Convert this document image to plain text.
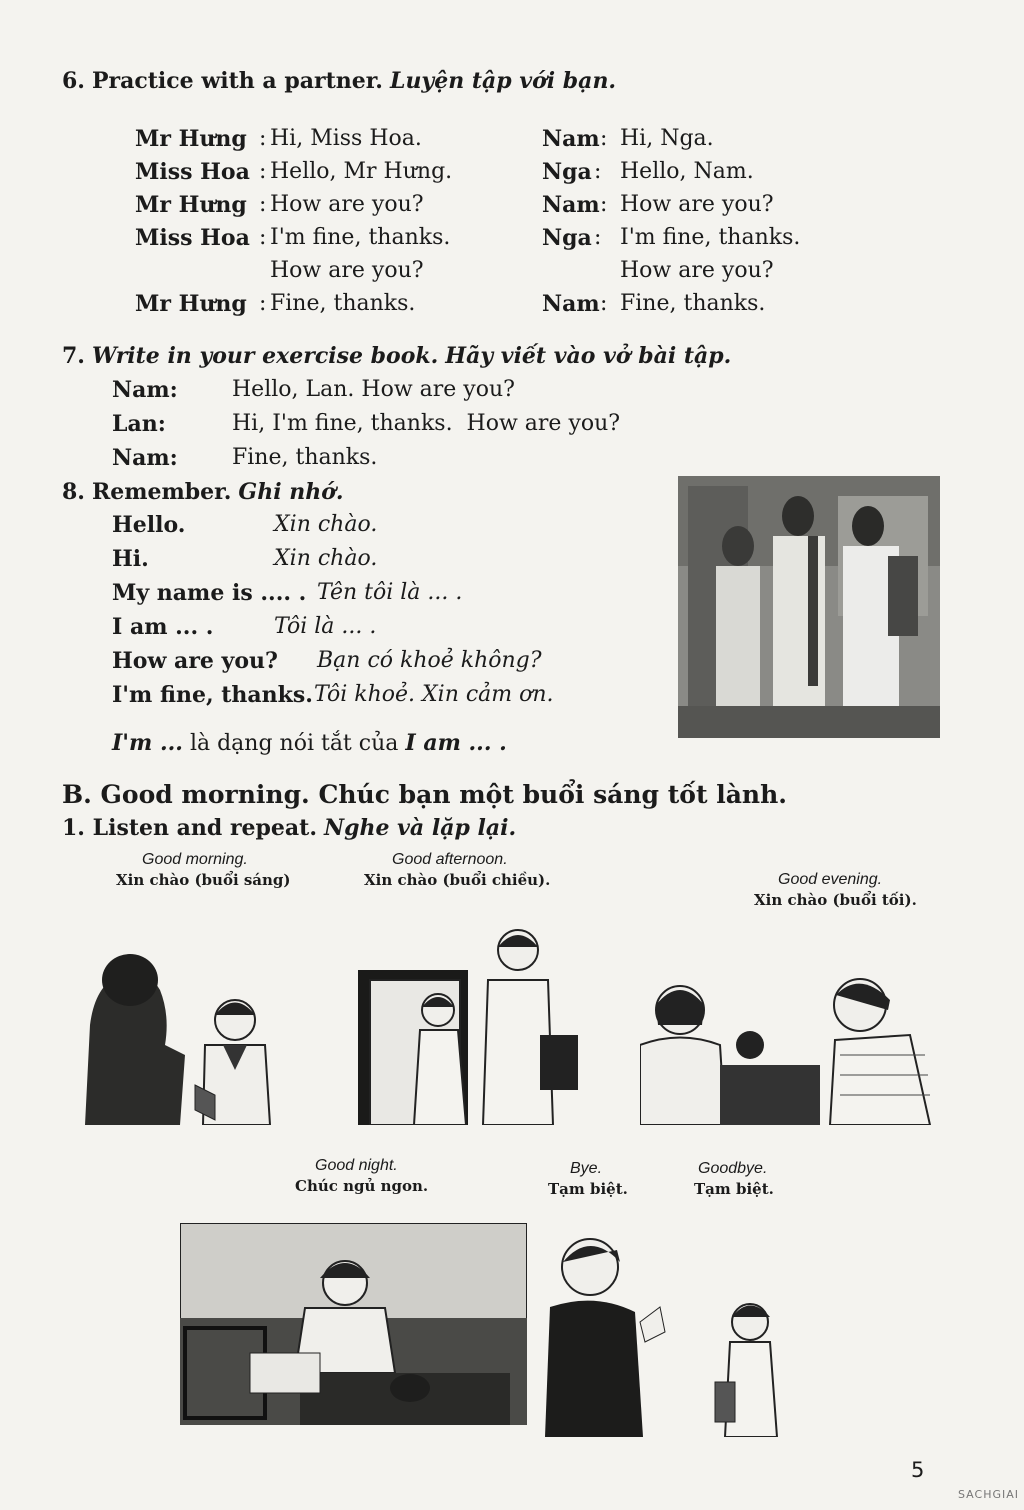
6. Practice with a partner. Luyện tập với bạn.
Mr Hưng : Hi, Miss Hoa.
Miss Hoa : Hello, Mr Hưng.
Mr Hưng : How are you?
Miss Hoa : I'm fine, thanks.
How are you?
Mr Hưng : Fine, thanks.
Nam : Hi, Nga.
Nga : Hello, Nam.
Nam : How are you?
Nga : I'm fine, thanks.
How are you?
Nam : Fine, thanks.
7. Write in your exercise book. Hãy viết vào vở bài tập.
Nam: Hello, Lan. How are you?
Lan:	Hi, I'm fine, thanks.  How are you?
Nam: Fine, thanks.
8. Remember. Ghi nhớ.
Hello.	Xin chào.
Hi.	Xin chào.
My name is .... . Tên tôi là ... .
I am ... .	Tôi là ... .
How are you? Bạn có khoẻ không?
I'm fine, thanks. Tôi khoẻ. Xin cảm ơn.
I'm ... là dạng nói tắt của I am ... .
B. Good morning. Chúc bạn một buổi sáng tốt lành.
1. Listen and repeat. Nghe và lặp lại.
Good morning.
Xin chào (buổi sáng)
Good afternoon.
Xin chào (buổi chiều).	Good evening.
Xin chào (buổi tối).
Good night.
Chúc ngủ ngon.
Bye.
Tạm biệt.
Goodbye.
Tạm biệt.
5
SACHGIAI
